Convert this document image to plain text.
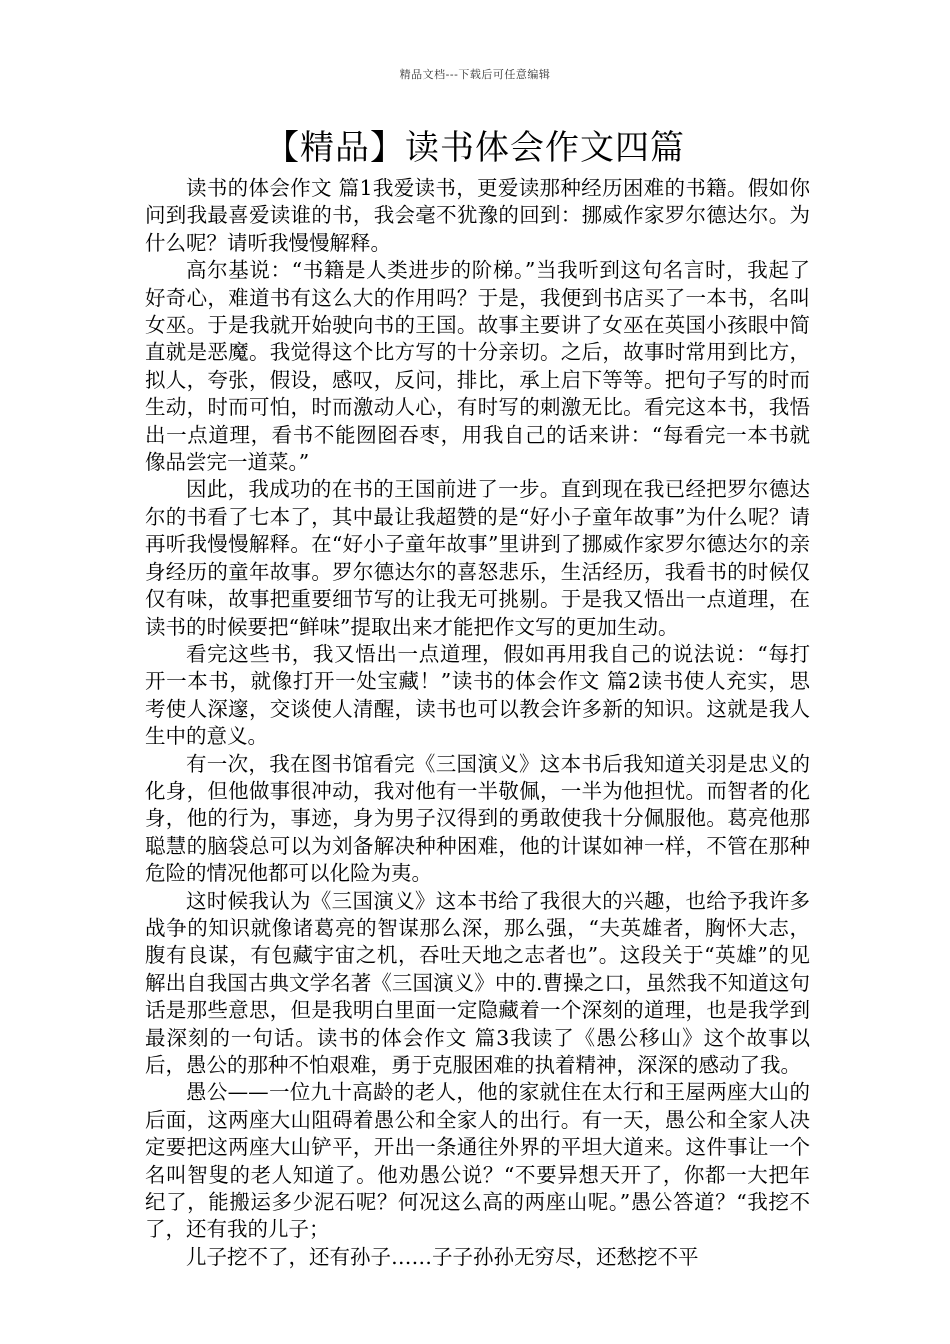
精品文档---下载后可任意编辑
【精品】读书体会作文四篇

读书的体会作文 篇1我爱读书，更爱读那种经历困难的书籍。假如你问到我最喜爱读谁的书，我会毫不犹豫的回到：挪威作家罗尔德达尔。为什么呢？请听我慢慢解释。

高尔基说：“书籍是人类进步的阶梯。”当我听到这句名言时，我起了好奇心，难道书有这么大的作用吗？于是，我便到书店买了一本书，名叫女巫。于是我就开始驶向书的王国。故事主要讲了女巫在英国小孩眼中简直就是恶魔。我觉得这个比方写的十分亲切。之后，故事时常用到比方，拟人，夸张，假设，感叹，反问，排比，承上启下等等。把句子写的时而生动，时而可怕，时而激动人心，有时写的刺激无比。看完这本书，我悟出一点道理，看书不能囫囵吞枣，用我自己的话来讲：“每看完一本书就像品尝完一道菜。”

因此，我成功的在书的王国前进了一步。直到现在我已经把罗尔德达尔的书看了七本了，其中最让我超赞的是“好小子童年故事”为什么呢？请再听我慢慢解释。在“好小子童年故事”里讲到了挪威作家罗尔德达尔的亲身经历的童年故事。罗尔德达尔的喜怒悲乐，生活经历，我看书的时候仅仅有味，故事把重要细节写的让我无可挑剔。于是我又悟出一点道理，在读书的时候要把“鲜味”提取出来才能把作文写的更加生动。

看完这些书，我又悟出一点道理，假如再用我自己的说法说：“每打开一本书，就像打开一处宝藏！”读书的体会作文 篇2读书使人充实，思考使人深邃，交谈使人清醒，读书也可以教会许多新的知识。这就是我人生中的意义。

有一次，我在图书馆看完《三国演义》这本书后我知道关羽是忠义的化身，但他做事很冲动，我对他有一半敬佩，一半为他担忧。而智者的化身，他的行为，事迹，身为男子汉得到的勇敢使我十分佩服他。葛亮他那聪慧的脑袋总可以为刘备解决种种困难，他的计谋如神一样，不管在那种危险的情况他都可以化险为夷。

这时候我认为《三国演义》这本书给了我很大的兴趣，也给予我许多战争的知识就像诸葛亮的智谋那么深，那么强，“夫英雄者，胸怀大志，腹有良谋，有包藏宇宙之机，吞吐天地之志者也”。这段关于“英雄”的见解出自我国古典文学名著《三国演义》中的.曹操之口，虽然我不知道这句话是那些意思，但是我明白里面一定隐藏着一个深刻的道理，也是我学到最深刻的一句话。读书的体会作文 篇3我读了《愚公移山》这个故事以后，愚公的那种不怕艰难，勇于克服困难的执着精神，深深的感动了我。

愚公——一位九十高龄的老人，他的家就住在太行和王屋两座大山的后面，这两座大山阻碍着愚公和全家人的出行。有一天，愚公和全家人决定要把这两座大山铲平，开出一条通往外界的平坦大道来。这件事让一个名叫智叟的老人知道了。他劝愚公说？“不要异想天开了，你都一大把年纪了，能搬运多少泥石呢？何况这么高的两座山呢。”愚公答道？“我挖不了，还有我的儿子；

儿子挖不了，还有孙子……子子孙孙无穷尽，还愁挖不平
